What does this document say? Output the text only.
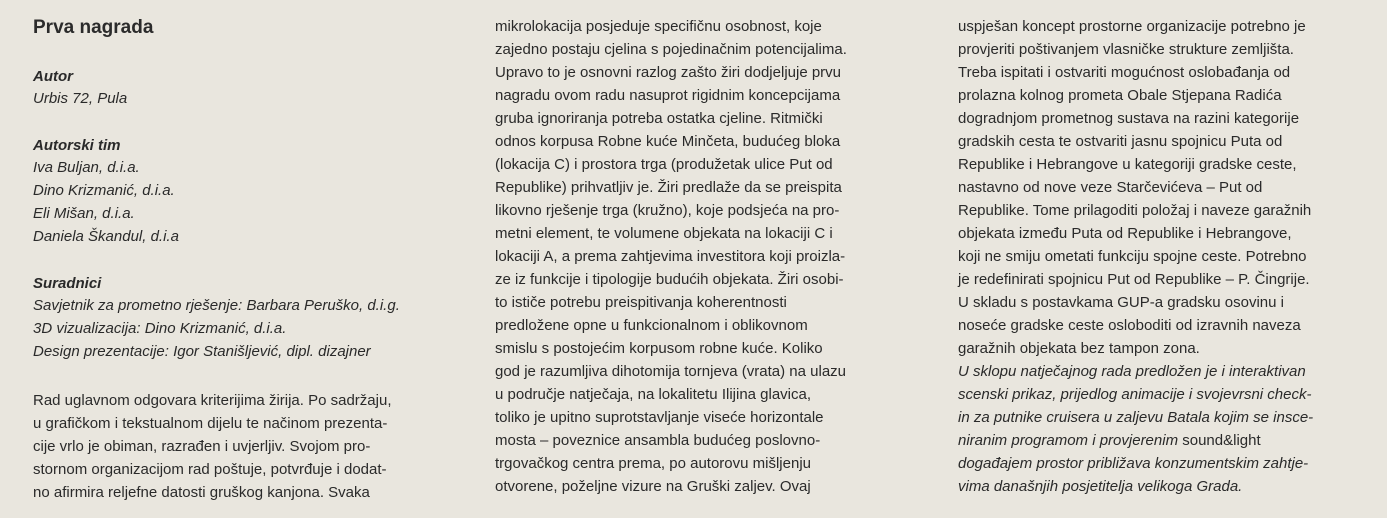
Prva nagrada

Autor

Urbis 72, Pula

Autorski tim

Iva Buljan, d.i.a.

Dino Krizmanić, d.i.a.

Eli Mišan, d.i.a.

Daniela Škandul, d.i.a

Suradnici

Savjetnik za prometno rješenje: Barbara Peruško, d.i.g.

3D vizualizacija: Dino Krizmanić, d.i.a.

Design prezentacije: Igor Stanišljević, dipl. dizajner

Rad uglavnom odgovara kriterijima žirija. Po sadržaju,

u grafičkom i tekstualnom dijelu te načinom prezenta-

cije vrlo je obiman, razrađen i uvjerljiv. Svojom pro-

stornom organizacijom rad poštuje, potvrđuje i dodat-

no afirmira reljefne datosti gruškog kanjona. Svaka

mikrolokacija posjeduje specifičnu osobnost, koje

zajedno postaju cjelina s pojedinačnim potencijalima.

Upravo to je osnovni razlog zašto žiri dodjeljuje prvu

nagradu ovom radu nasuprot rigidnim koncepcijama

gruba ignoriranja potreba ostatka cjeline. Ritmički

odnos korpusa Robne kuće Minčeta, budućeg bloka

(lokacija C) i prostora trga (produžetak ulice Put od

Republike) prihvatljiv je. Žiri predlaže da se preispita

likovno rješenje trga (kružno), koje podsjeća na pro-

metni element, te volumene objekata na lokaciji C i

lokaciji A, a prema zahtjevima investitora koji proizla-

ze iz funkcije i tipologije budućih objekata. Žiri osobi-

to ističe potrebu preispitivanja koherentnosti

predložene opne u funkcionalnom i oblikovnom

smislu s postojećim korpusom robne kuće. Koliko

god je razumljiva dihotomija tornjeva (vrata) na ulazu

u područje natječaja, na lokalitetu Ilijina glavica,

toliko je upitno suprotstavljanje viseće horizontale

mosta – poveznice ansambla budućeg poslovno-

trgovačkog centra prema, po autorovu mišljenju

otvorene, poželjne vizure na Gruški zaljev. Ovaj

uspješan koncept prostorne organizacije potrebno je

provjeriti poštivanjem vlasničke strukture zemljišta.

Treba ispitati i ostvariti mogućnost oslobađanja od

prolazna kolnog prometa Obale Stjepana Radića

dogradnjom prometnog sustava na razini kategorije

gradskih cesta te ostvariti jasnu spojnicu Puta od

Republike i Hebrangove u kategoriji gradske ceste,

nastavno od nove veze Starčevićeva – Put od

Republike. Tome prilagoditi položaj i naveze garažnih

objekata između Puta od Republike i Hebrangove,

koji ne smiju ometati funkciju spojne ceste. Potrebno

je redefinirati spojnicu Put od Republike – P. Čingrije.

U skladu s postavkama GUP-a gradsku osovinu i

noseće gradske ceste osloboditi od izravnih naveza

garažnih objekata bez tampon zona.

U sklopu natječajnog rada predložen je i interaktivan

scenski prikaz, prijedlog animacije i svojevrsni check-

in za putnike cruisera u zaljevu Batala kojim se insce-

niranim programom i provjerenim sound&light

događajem prostor približava konzumentskim zahtje-

vima današnjih posjetitelja velikoga Grada.
